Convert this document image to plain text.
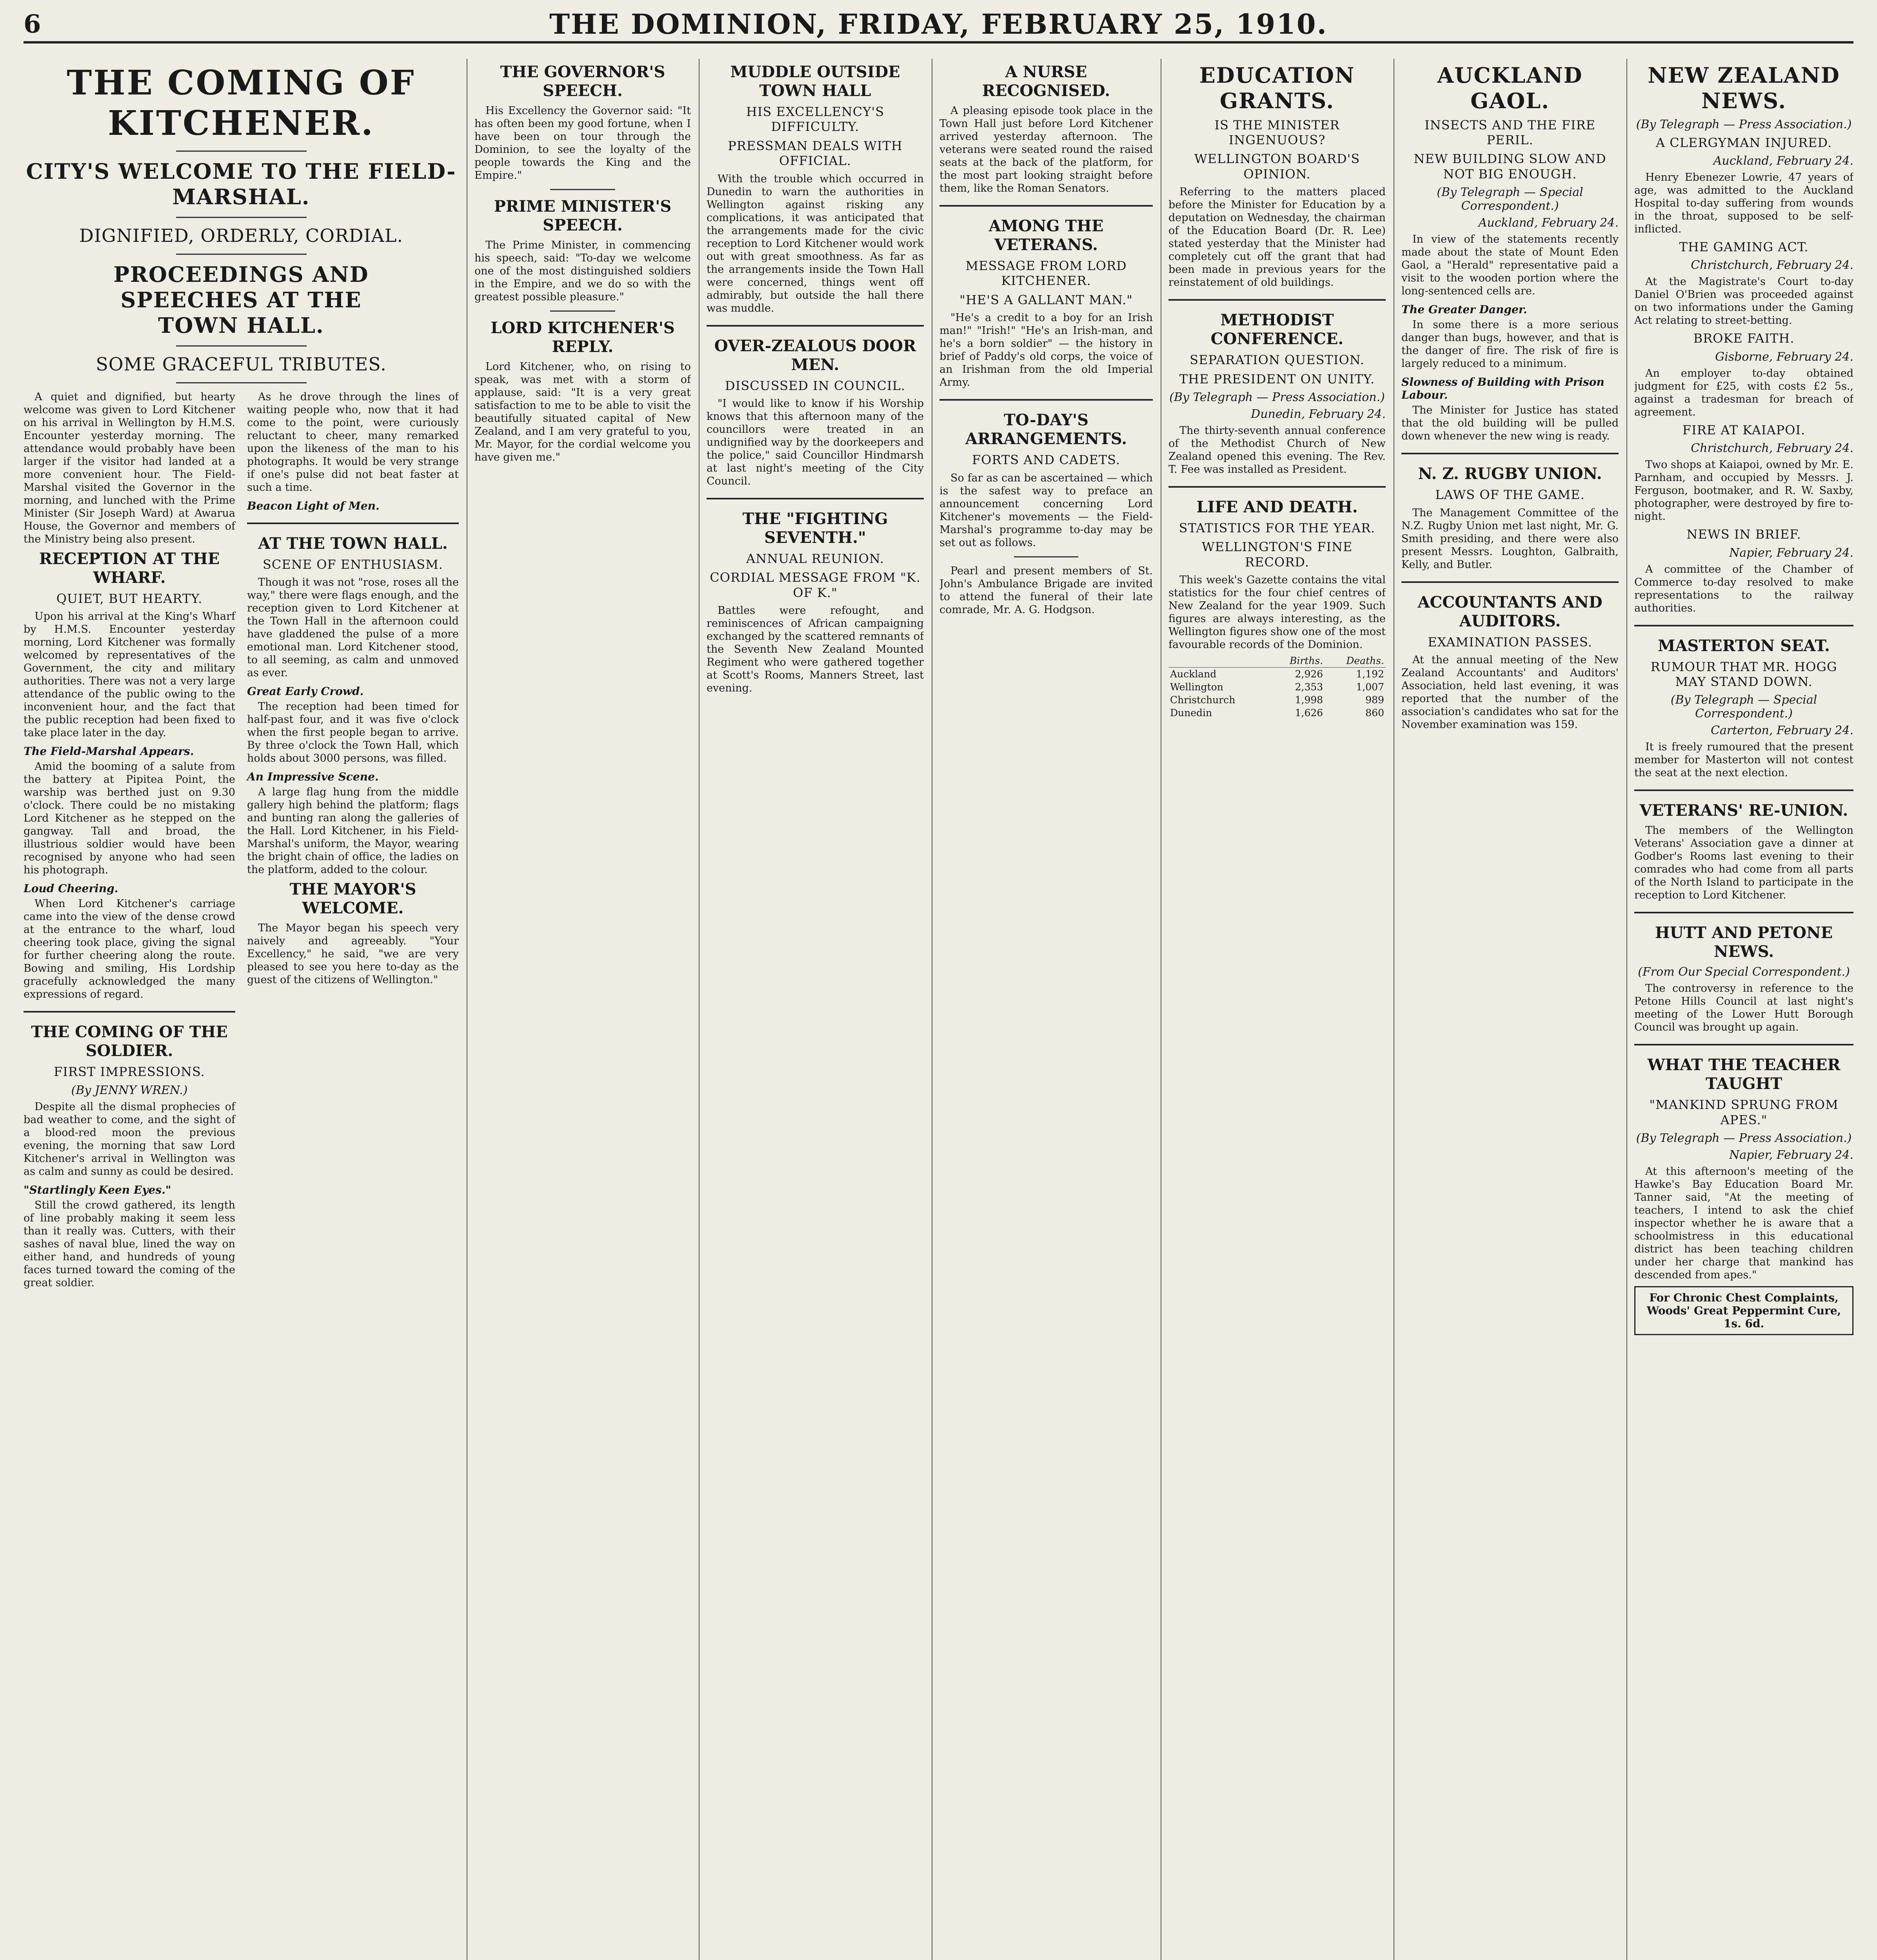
6	THE DOMINION, FRIDAY, FEBRUARY 25, 1910.
THE COMING OF KITCHENER.
CITY'S WELCOME TO THE FIELD-MARSHAL.
DIGNIFIED, ORDERLY, CORDIAL.
PROCEEDINGS AND SPEECHES AT THE TOWN HALL.
SOME GRACEFUL TRIBUTES.

A quiet and dignified, but hearty welcome was given to Lord Kitchener on his arrival in Wellington by H.M.S. Encounter yesterday morning. The attendance would probably have been larger if the visitor had landed at a more convenient hour. The Field-Marshal visited the Governor in the morning, and lunched with the Prime Minister (Sir Joseph Ward) at Awarua House, the Governor and members of the Ministry being also present.

RECEPTION AT THE WHARF.
QUIET, BUT HEARTY.

Upon his arrival at the King's Wharf by H.M.S. Encounter yesterday morning, Lord Kitchener was formally welcomed by representatives of the Government, the city and military authorities. There was not a very large attendance of the public owing to the inconvenient hour, and the fact that the public reception had been fixed to take place later in the day.

The Field-Marshal Appears.

Amid the booming of a salute from the battery at Pipitea Point, the warship was berthed just on 9.30 o'clock. There could be no mistaking Lord Kitchener as he stepped on the gangway. Tall and broad, the illustrious soldier would have been recognised by anyone who had seen his photograph.

Loud Cheering.

When Lord Kitchener's carriage came into the view of the dense crowd at the entrance to the wharf, loud cheering took place, giving the signal for further cheering along the route. Bowing and smiling, His Lordship gracefully acknowledged the many expressions of regard.

THE COMING OF THE SOLDIER.
FIRST IMPRESSIONS.
(By JENNY WREN.)

Despite all the dismal prophecies of bad weather to come, and the sight of a blood-red moon the previous evening, the morning that saw Lord Kitchener's arrival in Wellington was as calm and sunny as could be desired.

"Startlingly Keen Eyes."

Still the crowd gathered, its length of line probably making it seem less than it really was. Cutters, with their sashes of naval blue, lined the way on either hand, and hundreds of young faces turned toward the coming of the great soldier.

As he drove through the lines of waiting people who, now that it had come to the point, were curiously reluctant to cheer, many remarked upon the likeness of the man to his photographs. It would be very strange if one's pulse did not beat faster at such a time.

Beacon Light of Men.
AT THE TOWN HALL.
SCENE OF ENTHUSIASM.

Though it was not "rose, roses all the way," there were flags enough, and the reception given to Lord Kitchener at the Town Hall in the afternoon could have gladdened the pulse of a more emotional man. Lord Kitchener stood, to all seeming, as calm and unmoved as ever.

Great Early Crowd.

The reception had been timed for half-past four, and it was five o'clock when the first people began to arrive. By three o'clock the Town Hall, which holds about 3000 persons, was filled.

An Impressive Scene.

A large flag hung from the middle gallery high behind the platform; flags and bunting ran along the galleries of the Hall. Lord Kitchener, in his Field-Marshal's uniform, the Mayor, wearing the bright chain of office, the ladies on the platform, added to the colour.

THE MAYOR'S WELCOME.

The Mayor began his speech very naively and agreeably. "Your Excellency," he said, "we are very pleased to see you here to-day as the guest of the citizens of Wellington."

THE GOVERNOR'S SPEECH.

His Excellency the Governor said: "It has often been my good fortune, when I have been on tour through the Dominion, to see the loyalty of the people towards the King and the Empire."

PRIME MINISTER'S SPEECH.

The Prime Minister, in commencing his speech, said: "To-day we welcome one of the most distinguished soldiers in the Empire, and we do so with the greatest possible pleasure."

LORD KITCHENER'S REPLY.

Lord Kitchener, who, on rising to speak, was met with a storm of applause, said: "It is a very great satisfaction to me to be able to visit the beautifully situated capital of New Zealand, and I am very grateful to you, Mr. Mayor, for the cordial welcome you have given me."

MUDDLE OUTSIDE TOWN HALL
HIS EXCELLENCY'S DIFFICULTY.
PRESSMAN DEALS WITH OFFICIAL.

With the trouble which occurred in Dunedin to warn the authorities in Wellington against risking any complications, it was anticipated that the arrangements made for the civic reception to Lord Kitchener would work out with great smoothness. As far as the arrangements inside the Town Hall were concerned, things went off admirably, but outside the hall there was muddle.

OVER-ZEALOUS DOOR MEN.
DISCUSSED IN COUNCIL.

"I would like to know if his Worship knows that this afternoon many of the councillors were treated in an undignified way by the doorkeepers and the police," said Councillor Hindmarsh at last night's meeting of the City Council.

THE "FIGHTING SEVENTH."
ANNUAL REUNION.
CORDIAL MESSAGE FROM "K. OF K."

Battles were refought, and reminiscences of African campaigning exchanged by the scattered remnants of the Seventh New Zealand Mounted Regiment who were gathered together at Scott's Rooms, Manners Street, last evening.

A NURSE RECOGNISED.

A pleasing episode took place in the Town Hall just before Lord Kitchener arrived yesterday afternoon. The veterans were seated round the raised seats at the back of the platform, for the most part looking straight before them, like the Roman Senators.

AMONG THE VETERANS.
MESSAGE FROM LORD KITCHENER.
"HE'S A GALLANT MAN."

"He's a credit to a boy for an Irish man!" "Irish!" "He's an Irish-man, and he's a born soldier" — the history in brief of Paddy's old corps, the voice of an Irishman from the old Imperial Army.

TO-DAY'S ARRANGEMENTS.
FORTS AND CADETS.

So far as can be ascertained — which is the safest way to preface an announcement concerning Lord Kitchener's movements — the Field-Marshal's programme to-day may be set out as follows.

Pearl and present members of St. John's Ambulance Brigade are invited to attend the funeral of their late comrade, Mr. A. G. Hodgson.

EDUCATION GRANTS.
IS THE MINISTER INGENUOUS?
WELLINGTON BOARD'S OPINION.

Referring to the matters placed before the Minister for Education by a deputation on Wednesday, the chairman of the Education Board (Dr. R. Lee) stated yesterday that the Minister had completely cut off the grant that had been made in previous years for the reinstatement of old buildings.

METHODIST CONFERENCE.
SEPARATION QUESTION.
THE PRESIDENT ON UNITY.
(By Telegraph — Press Association.)
Dunedin, February 24.

The thirty-seventh annual conference of the Methodist Church of New Zealand opened this evening. The Rev. T. Fee was installed as President.

LIFE AND DEATH.
STATISTICS FOR THE YEAR.
WELLINGTON'S FINE RECORD.

This week's Gazette contains the vital statistics for the four chief centres of New Zealand for the year 1909. Such figures are always interesting, as the Wellington figures show one of the most favourable records of the Dominion.

	Births.	Deaths.
Auckland	2,926	1,192
Wellington	2,353	1,007
Christchurch	1,998	989
Dunedin	1,626	860
AUCKLAND GAOL.
INSECTS AND THE FIRE PERIL.
NEW BUILDING SLOW AND NOT BIG ENOUGH.
(By Telegraph — Special Correspondent.)
Auckland, February 24.

In view of the statements recently made about the state of Mount Eden Gaol, a "Herald" representative paid a visit to the wooden portion where the long-sentenced cells are.

The Greater Danger.

In some there is a more serious danger than bugs, however, and that is the danger of fire. The risk of fire is largely reduced to a minimum.

Slowness of Building with Prison Labour.

The Minister for Justice has stated that the old building will be pulled down whenever the new wing is ready.

N. Z. RUGBY UNION.
LAWS OF THE GAME.

The Management Committee of the N.Z. Rugby Union met last night, Mr. G. Smith presiding, and there were also present Messrs. Loughton, Galbraith, Kelly, and Butler.

ACCOUNTANTS AND AUDITORS.
EXAMINATION PASSES.

At the annual meeting of the New Zealand Accountants' and Auditors' Association, held last evening, it was reported that the number of the association's candidates who sat for the November examination was 159.

NEW ZEALAND NEWS.
(By Telegraph — Press Association.)
A CLERGYMAN INJURED.
Auckland, February 24.

Henry Ebenezer Lowrie, 47 years of age, was admitted to the Auckland Hospital to-day suffering from wounds in the throat, supposed to be self-inflicted.

THE GAMING ACT.
Christchurch, February 24.

At the Magistrate's Court to-day Daniel O'Brien was proceeded against on two informations under the Gaming Act relating to street-betting.

BROKE FAITH.
Gisborne, February 24.

An employer to-day obtained judgment for £25, with costs £2 5s., against a tradesman for breach of agreement.

FIRE AT KAIAPOI.
Christchurch, February 24.

Two shops at Kaiapoi, owned by Mr. E. Parnham, and occupied by Messrs. J. Ferguson, bootmaker, and R. W. Saxby, photographer, were destroyed by fire to-night.

NEWS IN BRIEF.
Napier, February 24.

A committee of the Chamber of Commerce to-day resolved to make representations to the railway authorities.

MASTERTON SEAT.
RUMOUR THAT MR. HOGG MAY STAND DOWN.
(By Telegraph — Special Correspondent.)
Carterton, February 24.

It is freely rumoured that the present member for Masterton will not contest the seat at the next election.

VETERANS' RE-UNION.

The members of the Wellington Veterans' Association gave a dinner at Godber's Rooms last evening to their comrades who had come from all parts of the North Island to participate in the reception to Lord Kitchener.

HUTT AND PETONE NEWS.
(From Our Special Correspondent.)

The controversy in reference to the Petone Hills Council at last night's meeting of the Lower Hutt Borough Council was brought up again.

WHAT THE TEACHER TAUGHT
"MANKIND SPRUNG FROM APES."
(By Telegraph — Press Association.)
Napier, February 24.

At this afternoon's meeting of the Hawke's Bay Education Board Mr. Tanner said, "At the meeting of teachers, I intend to ask the chief inspector whether he is aware that a schoolmistress in this educational district has been teaching children under her charge that mankind has descended from apes."

For Chronic Chest Complaints, Woods' Great Peppermint Cure, 1s. 6d.
